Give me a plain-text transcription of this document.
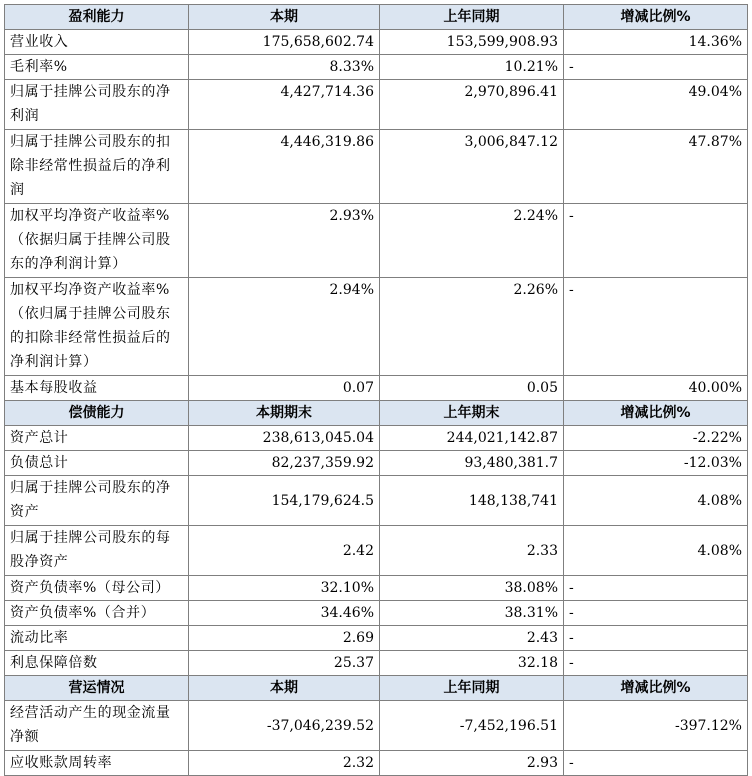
盈利能力	本期	上年同期	增减比例%
营业收入	175,658,602.74	153,599,908.93	14.36%
毛利率%	8.33%	10.21%	-
归属于挂牌公司股东的净利润	4,427,714.36	2,970,896.41	49.04%
归属于挂牌公司股东的扣除非经常性损益后的净利润	4,446,319.86	3,006,847.12	47.87%
加权平均净资产收益率%（依据归属于挂牌公司股东的净利润计算）	2.93%	2.24%	-
加权平均净资产收益率%（依归属于挂牌公司股东的扣除非经常性损益后的净利润计算）	2.94%	2.26%	-
基本每股收益	0.07	0.05	40.00%
偿债能力	本期期末	上年期末	增减比例%
资产总计	238,613,045.04	244,021,142.87	-2.22%
负债总计	82,237,359.92	93,480,381.7	-12.03%
归属于挂牌公司股东的净资产	154,179,624.5	148,138,741	4.08%
归属于挂牌公司股东的每股净资产	2.42	2.33	4.08%
资产负债率%（母公司）	32.10%	38.08%	-
资产负债率%（合并）	34.46%	38.31%	-
流动比率	2.69	2.43	-
利息保障倍数	25.37	32.18	-
营运情况	本期	上年同期	增减比例%
经营活动产生的现金流量净额	-37,046,239.52	-7,452,196.51	-397.12%
应收账款周转率	2.32	2.93	-
